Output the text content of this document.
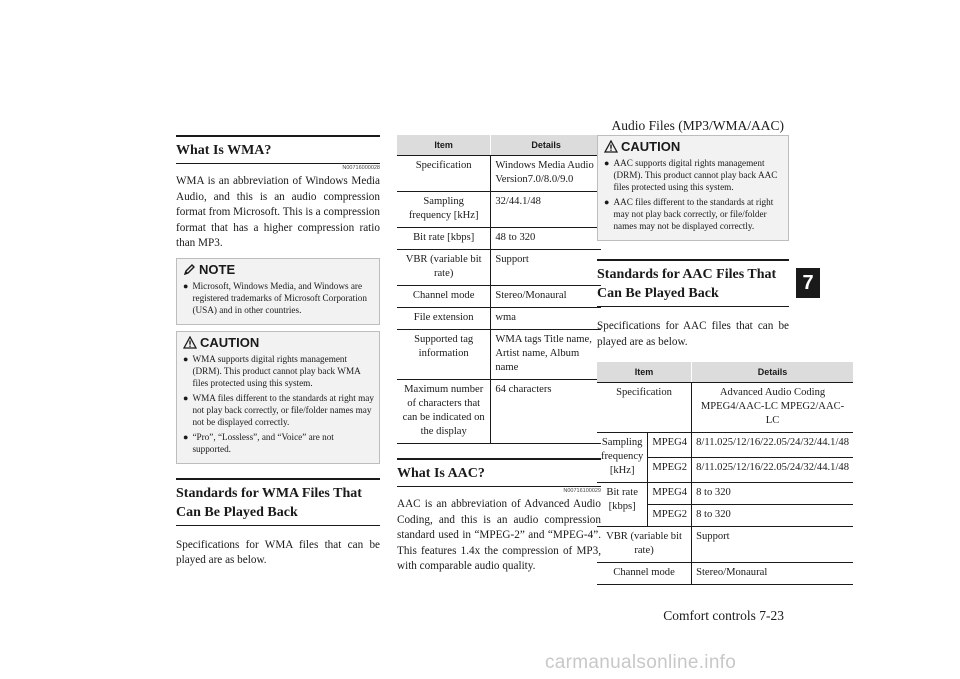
Audio Files (MP3/WMA/AAC)
7
Comfort controls 7-23
What Is WMA?
N00716000028
WMA is an abbreviation of Windows Media Audio, and this is an audio compression format from Microsoft. This is a compression format that has a higher compression ratio than MP3.
NOTE
● Microsoft, Windows Media, and Windows are registered trademarks of Microsoft Corporation (USA) and in other countries.
CAUTION
● WMA supports digital rights management (DRM). This product cannot play back WMA files protected using this system.
● WMA files different to the standards at right may not play back correctly, or file/folder names may not be displayed correctly.
● “Pro”, “Lossless”, and “Voice” are not supported.
Standards for WMA Files That Can Be Played Back
Specifications for WMA files that can be played are as below.
Item	Details
Specification	Windows Media Audio Version7.0/8.0/9.0
Sampling frequency [kHz]	32/44.1/48
Bit rate [kbps]	48 to 320
VBR (variable bit rate)	Support
Channel mode	Stereo/Monaural
File extension	wma
Supported tag information	WMA tags Title name, Artist name, Album name
Maximum number of characters that can be indicated on the display	64 characters
What Is AAC?
N00716100029
AAC is an abbreviation of Advanced Audio Coding, and this is an audio compression standard used in “MPEG-2” and “MPEG-4”. This features 1.4x the compression of MP3, with comparable audio quality.
CAUTION
● AAC supports digital rights management (DRM). This product cannot play back AAC files protected using this system.
● AAC files different to the standards at right may not play back correctly, or file/folder names may not be displayed correctly.
Standards for AAC Files That Can Be Played Back
Specifications for AAC files that can be played are as below.
Item		Details
Specification		Advanced Audio Coding MPEG4/AAC-LC MPEG2/AAC-LC
Sampling frequency [kHz]	MPEG4	8/11.025/12/16/22.05/24/32/44.1/48
	MPEG2	8/11.025/12/16/22.05/24/32/44.1/48
Bit rate [kbps]	MPEG4	8 to 320
	MPEG2	8 to 320
VBR (variable bit rate)		Support
Channel mode		Stereo/Monaural
carmanualsonline.info
